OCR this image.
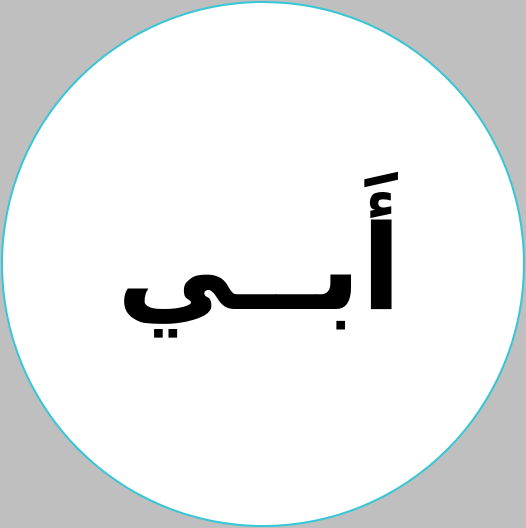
أَبــي
